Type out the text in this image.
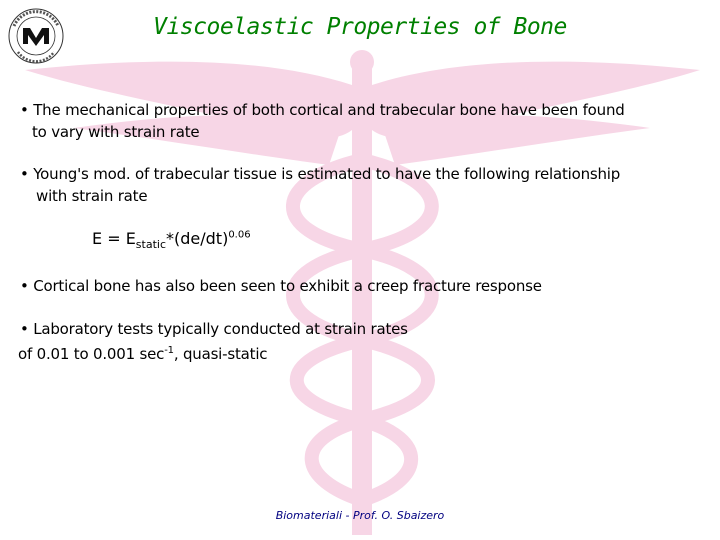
Viscoelastic Properties of Bone
• The mechanical properties of both cortical and trabecular bone have been found
to vary with strain rate
• Young's mod. of trabecular tissue is estimated to have the following relationship
with strain rate
$E = E_{static}*(de/dt)^{0.06}$
• Cortical bone has also been seen to exhibit a creep fracture response
• Laboratory tests typically conducted at strain rates
of 0.01 to 0.001 $\sec^{-1}$, quasi-static
Biomateriali - Prof. O. Sbaizero
